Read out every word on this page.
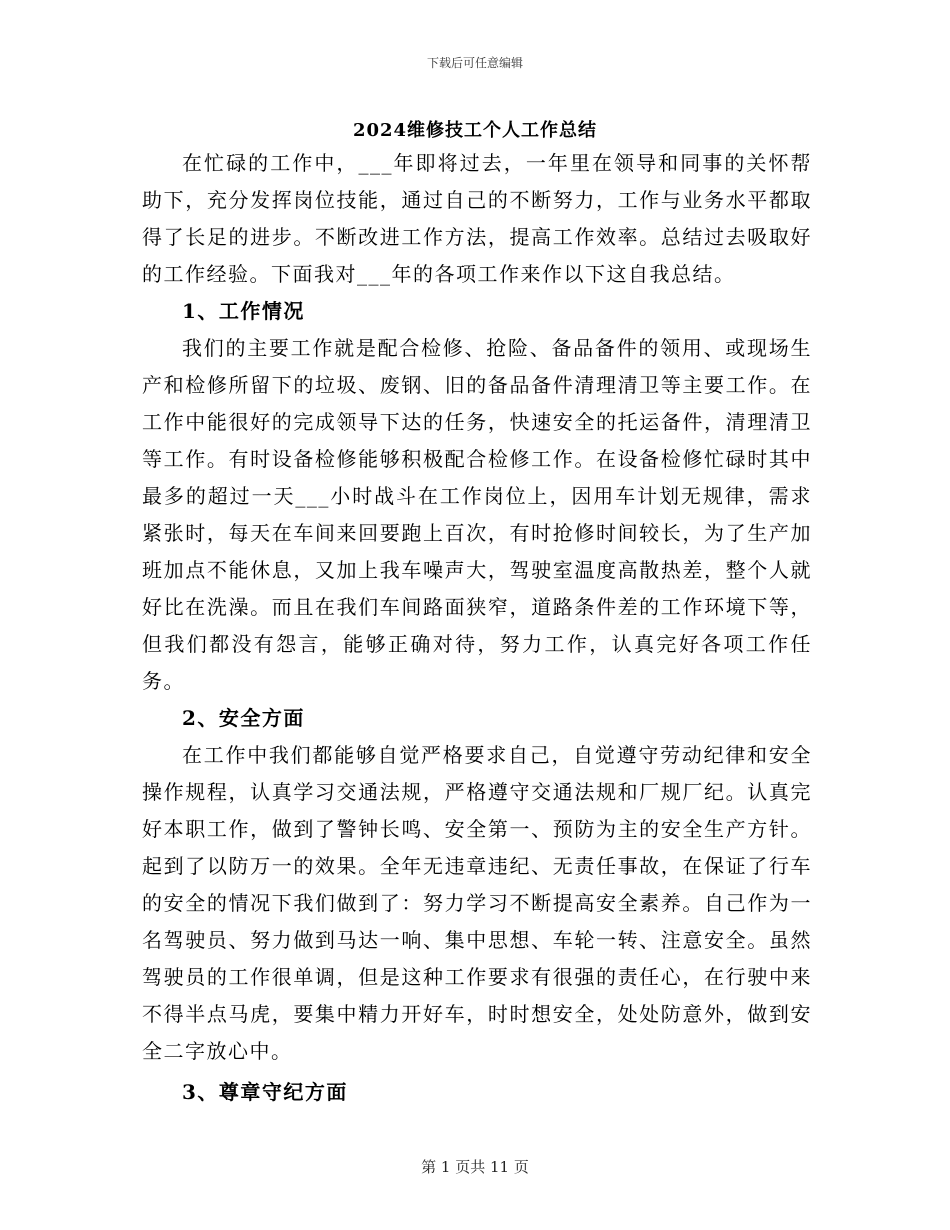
下载后可任意编辑
2024维修技工个人工作总结

在忙碌的工作中，___年即将过去，一年里在领导和同事的关怀帮助下，充分发挥岗位技能，通过自己的不断努力，工作与业务水平都取得了长足的进步。不断改进工作方法，提高工作效率。总结过去吸取好的工作经验。下面我对___年的各项工作来作以下这自我总结。

1、工作情况

我们的主要工作就是配合检修、抢险、备品备件的领用、或现场生产和检修所留下的垃圾、废钢、旧的备品备件清理清卫等主要工作。在工作中能很好的完成领导下达的任务，快速安全的托运备件，清理清卫等工作。有时设备检修能够积极配合检修工作。在设备检修忙碌时其中最多的超过一天___小时战斗在工作岗位上，因用车计划无规律，需求紧张时，每天在车间来回要跑上百次，有时抢修时间较长，为了生产加班加点不能休息，又加上我车噪声大，驾驶室温度高散热差，整个人就好比在洗澡。而且在我们车间路面狭窄，道路条件差的工作环境下等，但我们都没有怨言，能够正确对待，努力工作，认真完好各项工作任务。

2、安全方面

在工作中我们都能够自觉严格要求自己，自觉遵守劳动纪律和安全操作规程，认真学习交通法规，严格遵守交通法规和厂规厂纪。认真完好本职工作，做到了警钟长鸣、安全第一、预防为主的安全生产方针。起到了以防万一的效果。全年无违章违纪、无责任事故，在保证了行车的安全的情况下我们做到了：努力学习不断提高安全素养。自己作为一名驾驶员、努力做到马达一响、集中思想、车轮一转、注意安全。虽然驾驶员的工作很单调，但是这种工作要求有很强的责任心，在行驶中来不得半点马虎，要集中精力开好车，时时想安全，处处防意外，做到安全二字放心中。

3、尊章守纪方面
第 1 页共 11 页
